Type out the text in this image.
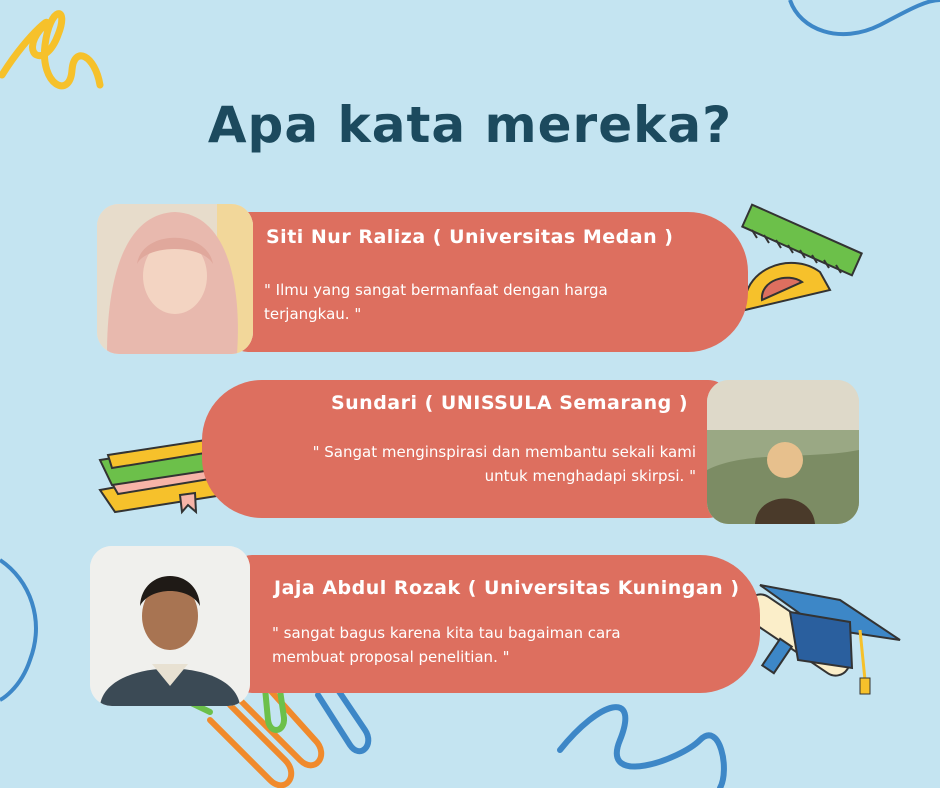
Apa kata mereka?
Siti Nur Raliza ( Universitas Medan )
" Ilmu yang sangat bermanfaat dengan harga terjangkau. "
Sundari ( UNISSULA Semarang )
" Sangat menginspirasi dan membantu sekali kami untuk menghadapi skirpsi. "
Jaja Abdul Rozak ( Universitas Kuningan )
" sangat bagus karena kita tau bagaiman cara membuat proposal penelitian. "
